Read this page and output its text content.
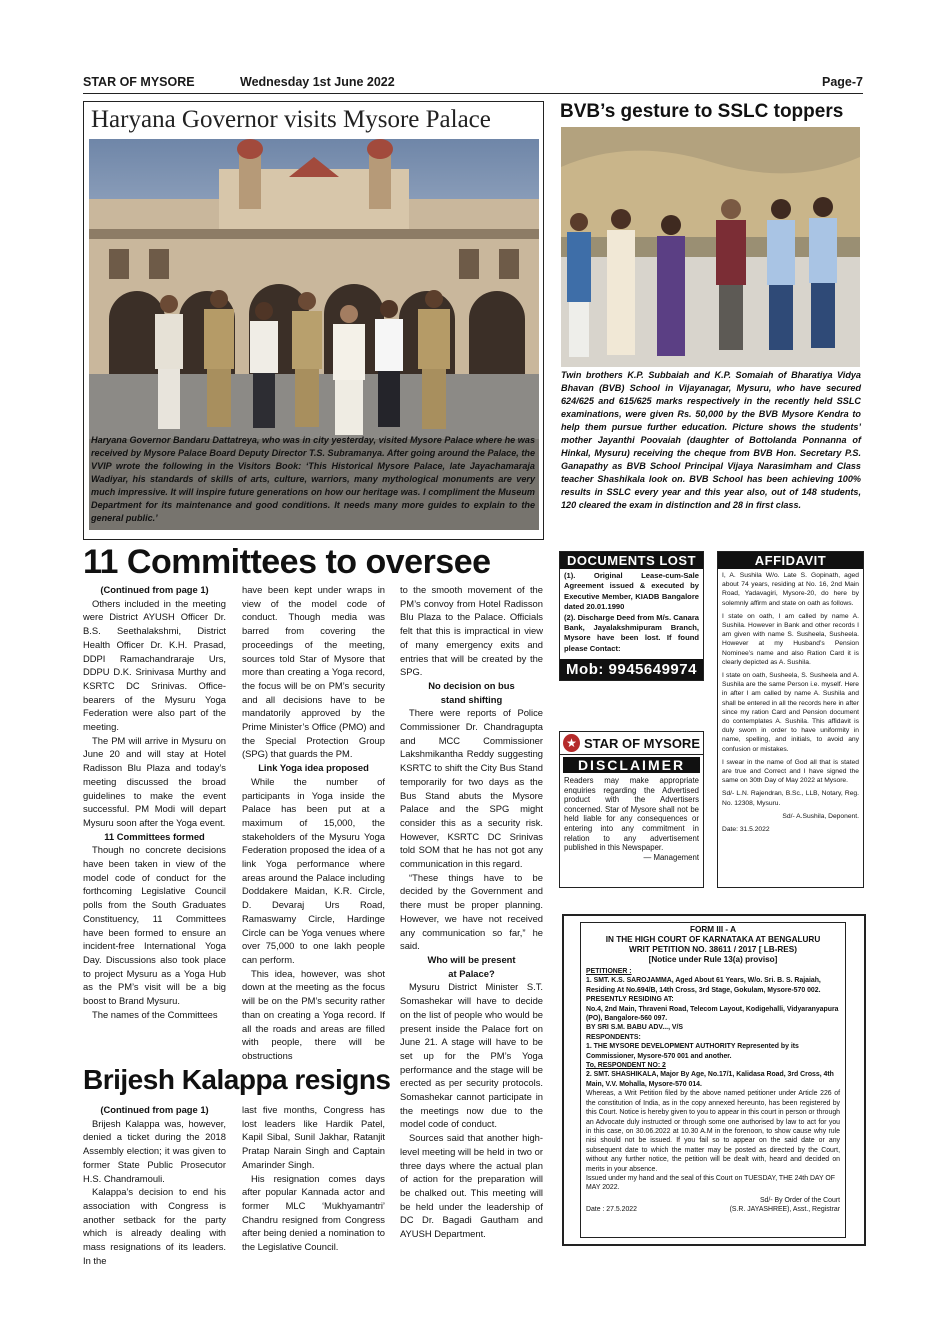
STAR OF MYSORE	Wednesday 1st June 2022	Page-7
Haryana Governor visits Mysore Palace
Haryana Governor Bandaru Dattatreya, who was in city yesterday, visited Mysore Palace where he was received by Mysore Palace Board Deputy Director T.S. Subramanya. After going around the Palace, the VVIP wrote the following in the Visitors Book: ‘This Historical Mysore Palace, late Jayachamaraja Wadiyar, his standards of skills of arts, culture, warriors, many mythological monuments are very much impressive. It will inspire future generations on how our heritage was. I compliment the Museum Department for its maintenance and good conditions. It needs many more guides to explain to the general public.’
BVB’s gesture to SSLC toppers
Twin brothers K.P. Subbaiah and K.P. Somaiah of Bharatiya Vidya Bhavan (BVB) School in Vijayanagar, Mysuru, who have secured 624/625 and 615/625 marks respectively in the recently held SSLC examinations, were given Rs. 50,000 by the BVB Mysore Kendra to help them pursue further education. Picture shows the students’ mother Jayanthi Poovaiah (daughter of Bottolanda Ponnanna of Hinkal, Mysuru) receiving the cheque from BVB Hon. Secretary P.S. Ganapathy as BVB School Principal Vijaya Narasimham and Class teacher Shashikala look on. BVB School has been achieving 100% results in SSLC every year and this year also, out of 148 students, 120 cleared the exam in distinction and 28 in first class.
11 Committees to oversee

(Continued from page 1)

Others included in the meeting were District AYUSH Officer Dr. B.S. Seethalakshmi, District Health Officer Dr. K.H. Prasad, DDPI Ramachandraraje Urs, DDPU D.K. Srinivasa Murthy and KSRTC DC Srinivas. Office-bearers of the Mysuru Yoga Federation were also part of the meeting.

The PM will arrive in Mysuru on June 20 and will stay at Hotel Radisson Blu Plaza and today’s meeting discussed the broad guidelines to make the event successful. PM Modi will depart Mysuru soon after the Yoga event.

11 Committees formed

Though no concrete decisions have been taken in view of the model code of conduct for the forthcoming Legislative Council polls from the South Graduates Constituency, 11 Committees have been formed to ensure an incident-free International Yoga Day. Discussions also took place to project Mysuru as a Yoga Hub as the PM’s visit will be a big boost to Brand Mysuru.

The names of the Committees

have been kept under wraps in view of the model code of conduct. Though media was barred from covering the proceedings of the meeting, sources told Star of Mysore that more than creating a Yoga record, the focus will be on PM’s security and all decisions have to be mandatorily approved by the Prime Minister’s Office (PMO) and the Special Protection Group (SPG) that guards the PM.

Link Yoga idea proposed

While the number of participants in Yoga inside the Palace has been put at a maximum of 15,000, the stakeholders of the Mysuru Yoga Federation proposed the idea of a link Yoga performance where areas around the Palace including Doddakere Maidan, K.R. Circle, D. Devaraj Urs Road, Ramaswamy Circle, Hardinge Circle can be Yoga venues where over 75,000 to one lakh people can perform.

This idea, however, was shot down at the meeting as the focus will be on the PM’s security rather than on creating a Yoga record. If all the roads and areas are filled with people, there will be obstructions

to the smooth movement of the PM’s convoy from Hotel Radisson Blu Plaza to the Palace. Officials felt that this is impractical in view of many emergency exits and entries that will be created by the SPG.

No decision on bus

stand shifting

There were reports of Police Commissioner Dr. Chandragupta and MCC Commissioner Lakshmikantha Reddy suggesting KSRTC to shift the City Bus Stand temporarily for two days as the Bus Stand abuts the Mysore Palace and the SPG might consider this as a security risk. However, KSRTC DC Srinivas told SOM that he has not got any communication in this regard.

“These things have to be decided by the Government and there must be proper planning. However, we have not received any communication so far,” he said.

Who will be present

at Palace?

Mysuru District Minister S.T. Somashekar will have to decide on the list of people who would be present inside the Palace fort on June 21. A stage will have to be set up for the PM’s Yoga performance and the stage will be erected as per security protocols. Somashekar cannot participate in the meetings now due to the model code of conduct.

Sources said that another high-level meeting will be held in two or three days where the actual plan of action for the preparation will be chalked out. This meeting will be held under the leadership of DC Dr. Bagadi Gautham and AYUSH Department.

Brijesh Kalappa resigns

(Continued from page 1)

Brijesh Kalappa was, however, denied a ticket during the 2018 Assembly election; it was given to former State Public Prosecutor H.S. Chandramouli.

Kalappa’s decision to end his association with Congress is another setback for the party which is already dealing with mass resignations of its leaders. In the

last five months, Congress has lost leaders like Hardik Patel, Kapil Sibal, Sunil Jakhar, Ratanjit Pratap Narain Singh and Captain Amarinder Singh.

His resignation comes days after popular Kannada actor and former MLC ‘Mukhyamantri’ Chandru resigned from Congress after being denied a nomination to the Legislative Council.

DOCUMENTS LOST

(1). Original Lease-cum-Sale Agreement issued & executed by Executive Member, KIADB Bangalore dated 20.01.1990

(2). Discharge Deed from M/s. Canara Bank, Jayalakshmipuram Branch, Mysore have been lost. If found please Contact:

Mob: 9945649974
★ STAR OF MYSORE
DISCLAIMER

Readers may make appropriate enquiries regarding the Advertised product with the Advertisers concerned. Star of Mysore shall not be held liable for any consequences or entering into any commitment in relation to any advertisement published in this Newspaper.

— Management

AFFIDAVIT

I, A. Sushila W/o. Late S. Gopinath, aged about 74 years, residing at No. 16, 2nd Main Road, Yadavagiri, Mysore-20, do here by solemnly affirm and state on oath as follows.

I state on oath, I am called by name A. Sushila. However in Bank and other records I am given with name S. Susheela, Susheela. However at my Husband’s Pension Nominee’s name and also Ration Card it is clearly depicted as A. Sushila.

I state on oath, Susheela, S. Susheela and A. Sushila are the same Person i.e. myself. Here in after I am called by name A. Sushila and shall be entered in all the records here in after since my ration Card and Pension document do contemplates A. Sushila. This affidavit is duly sworn in order to have uniformity in name, spelling, and initials, to avoid any confusion or mistakes.

I swear in the name of God all that is stated are true and Correct and I have signed the same on 30th Day of May 2022 at Mysore.

Sd/- L.N. Rajendran, B.Sc., LLB, Notary, Reg. No. 12308, Mysuru.

Sd/- A.Sushila, Deponent.

Date: 31.5.2022

FORM III - A

IN THE HIGH COURT OF KARNATAKA AT BENGALURU

WRIT PETITION NO. 38611 / 2017 [ LB-RES)

[Notice under Rule 13(a) proviso]

PETITIONER :

1. SMT. K.S. SAROJAMMA, Aged About 61 Years, W/o. Sri. B. S. Rajaiah, Residing At No.694/B, 14th Cross, 3rd Stage, Gokulam, Mysore-570 002.

PRESENTLY RESIDING AT:

No.4, 2nd Main, Thraveni Road, Telecom Layout, Kodigehalli, Vidyaranyapura (PO), Bangalore-560 097.

BY SRI S.M. BABU ADV..., V/S

RESPONDENTS:

1. THE MYSORE DEVELOPMENT AUTHORITY Represented by its Commissioner, Mysore-570 001 and another.

To, RESPONDENT NO: 2

2. SMT. SHASHIKALA, Major By Age, No.17/1, Kalidasa Road, 3rd Cross, 4th Main, V.V. Mohalla, Mysore-570 014.

Whereas, a Writ Petition filed by the above named petitioner under Article 226 of the constitution of India, as in the copy annexed hereunto, has been registered by this Court. Notice is hereby given to you to appear in this court in person or through an Advocate duly instructed or through some one authorised by law to act for you in this case, on 30.06.2022 at 10.30 A.M in the forenoon, to show cause why rule nisi should not be issued. If you fail so to appear on the said date or any subsequent date to which the matter may be posted as directed by the Court, without any further notice, the petition will be dealt with, heard and decided on merits in your absence.

Issued under my hand and the seal of this Court on TUESDAY, THE 24th DAY OF MAY 2022.

Sd/- By Order of the Court

Date : 27.5.2022	(S.R. JAYASHREE), Asst., Registrar
